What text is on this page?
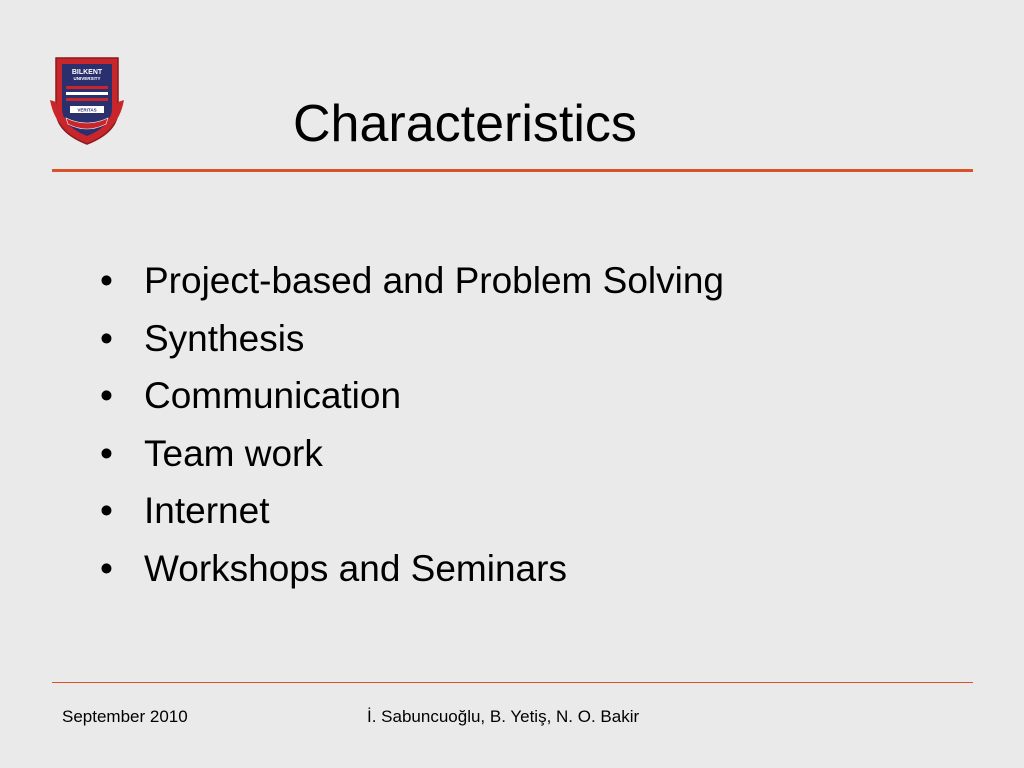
BILKENT
UNIVERSITY
VERITAS	Characteristics
• Project-based and Problem Solving
• Synthesis
• Communication
• Team work
• Internet
• Workshops and Seminars
September 2010	İ. Sabuncuoğlu, B. Yetiş, N. O. Bakir
